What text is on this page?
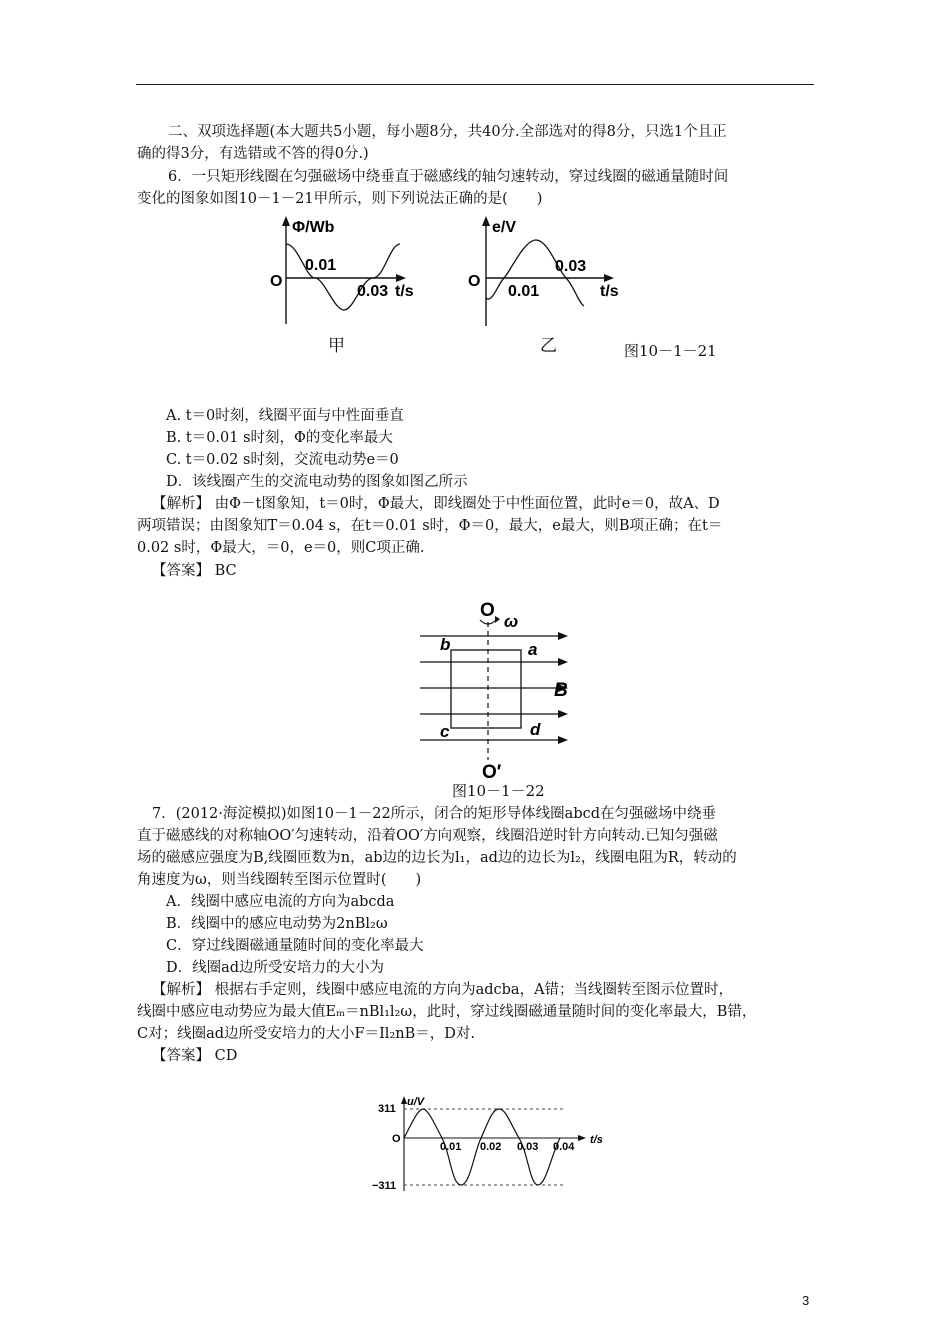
二、双项选择题(本大题共5小题，每小题8分，共40分.全部选对的得8分，只选1个且正
确的得3分，有选错或不答的得0分.)
6．一只矩形线圈在匀强磁场中绕垂直于磁感线的轴匀速转动，穿过线圈的磁通量随时间
变化的图象如图10－1－21甲所示，则下列说法正确的是(　　)
Φ/Wb
O
0.01
0.03 t/s
甲
e/V
O
0.01
0.03
t/s
乙	图10－1－21
A. t＝0时刻，线圈平面与中性面垂直
B. t＝0.01 s时刻，Φ的变化率最大
C. t＝0.02 s时刻，交流电动势e＝0
D．该线圈产生的交流电动势的图象如图乙所示
【解析】 由Φ－t图象知，t＝0时，Φ最大，即线圈处于中性面位置，此时e＝0，故A、D
两项错误；由图象知T＝0.04 s，在t＝0.01 s时，Φ＝0，最大，e最大，则B项正确；在t＝
0.02 s时，Φ最大，＝0，e＝0，则C项正确.
【答案】 BC
O
ω
b	a
B
c	d
O′
图10－1－22
7．(2012·海淀模拟)如图10－1－22所示，闭合的矩形导体线圈abcd在匀强磁场中绕垂
直于磁感线的对称轴OO′匀速转动，沿着OO′方向观察，线圈沿逆时针方向转动.已知匀强磁
场的磁感应强度为B,线圈匝数为n，ab边的边长为l₁，ad边的边长为l₂，线圈电阻为R，转动的
角速度为ω，则当线圈转至图示位置时(　　)
A．线圈中感应电流的方向为abcda
B．线圈中的感应电动势为2nBl₂ω
C．穿过线圈磁通量随时间的变化率最大
D．线圈ad边所受安培力的大小为
【解析】 根据右手定则，线圈中感应电流的方向为adcba，A错；当线圈转至图示位置时，
线圈中感应电动势应为最大值Eₘ＝nBl₁l₂ω，此时，穿过线圈磁通量随时间的变化率最大，B错，
C对；线圈ad边所受安培力的大小F＝Il₂nB＝，D对.
【答案】 CD
u/V
311
−311
O
0.01 0.02 0.03 0.04
t/s
3
